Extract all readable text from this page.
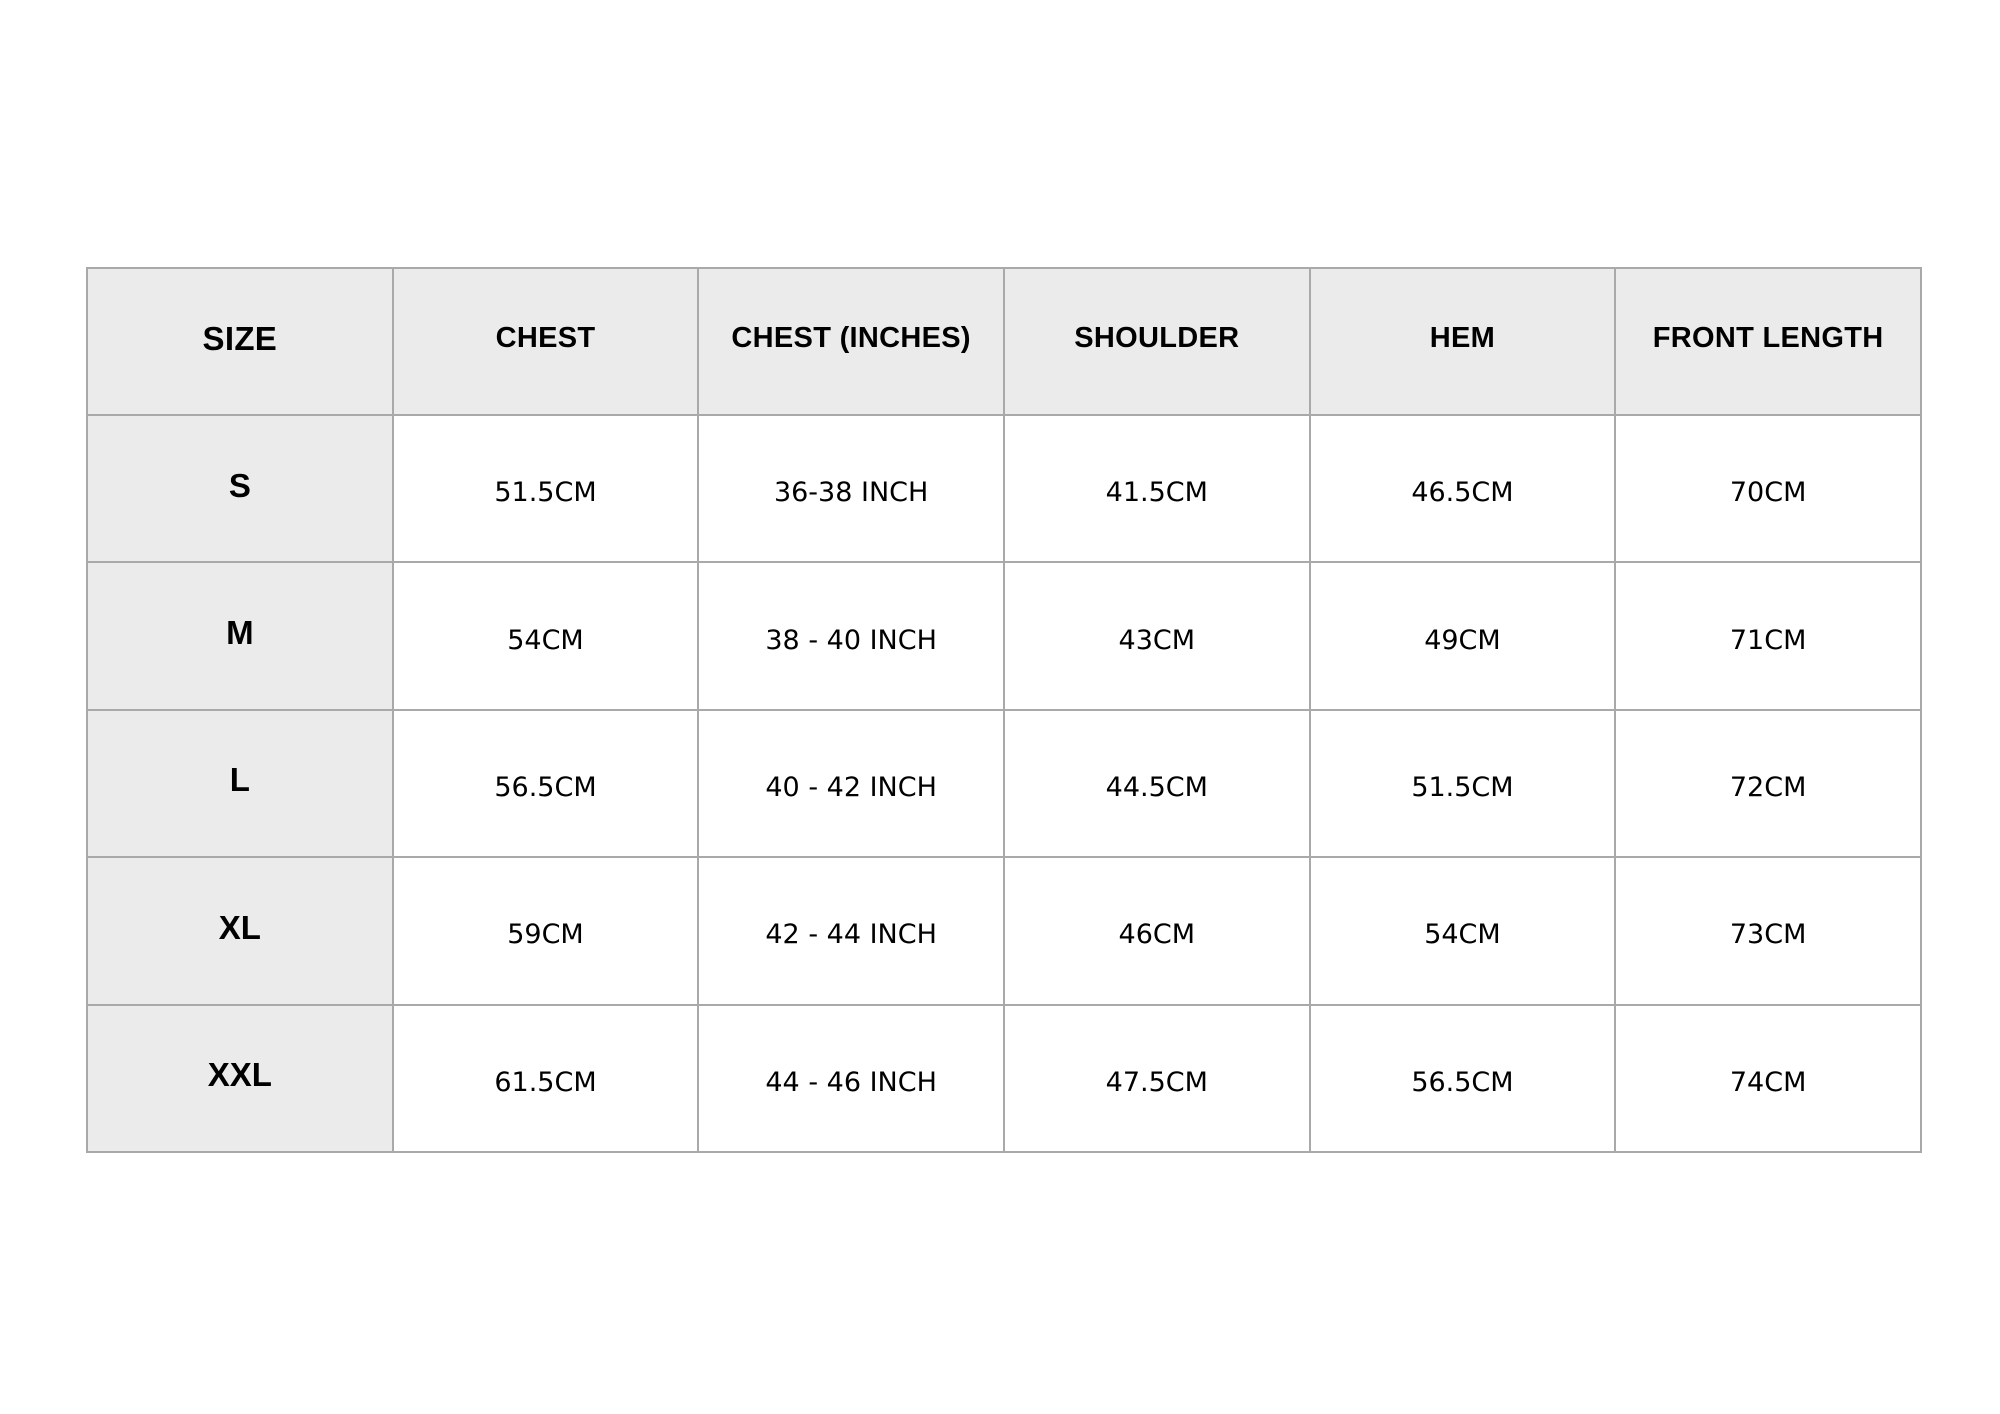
SIZE	CHEST	CHEST (INCHES)	SHOULDER	HEM	FRONT LENGTH
S	51.5CM	36-38 INCH	41.5CM	46.5CM	70CM
M	54CM	38 - 40 INCH	43CM	49CM	71CM
L	56.5CM	40 - 42 INCH	44.5CM	51.5CM	72CM
XL	59CM	42 - 44 INCH	46CM	54CM	73CM
XXL	61.5CM	44 - 46 INCH	47.5CM	56.5CM	74CM
